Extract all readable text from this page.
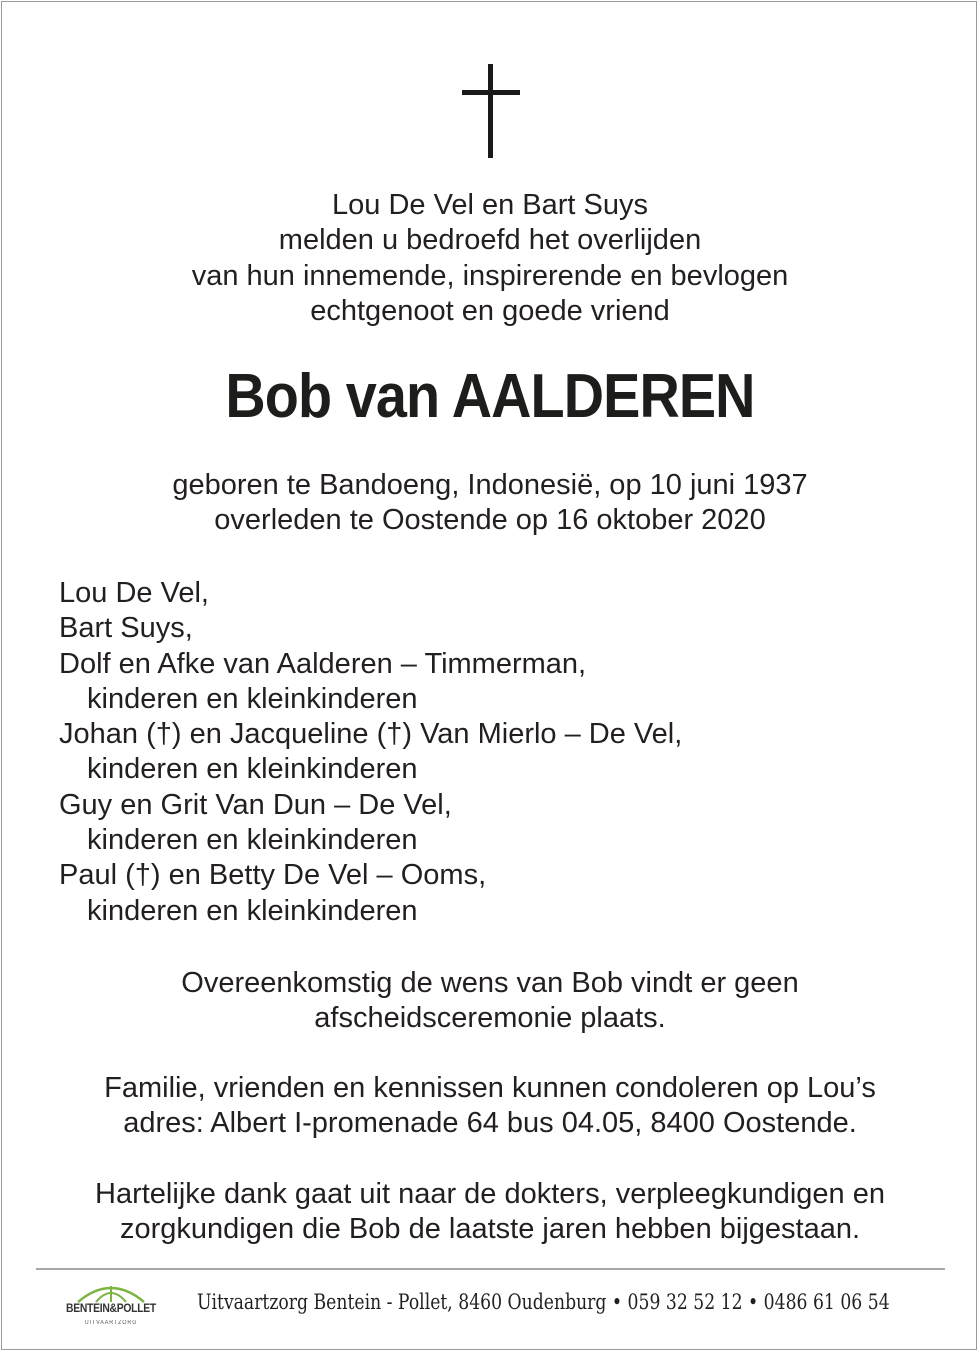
Lou De Vel en Bart Suys
melden u bedroefd het overlijden
van hun innemende, inspirerende en bevlogen
echtgenoot en goede vriend
Bob van AALDEREN
geboren te Bandoeng, Indonesië, op 10 juni 1937
overleden te Oostende op 16 oktober 2020
Lou De Vel,
Bart Suys,
Dolf en Afke van Aalderen – Timmerman,
kinderen en kleinkinderen
Johan (†) en Jacqueline (†) Van Mierlo – De Vel,
kinderen en kleinkinderen
Guy en Grit Van Dun – De Vel,
kinderen en kleinkinderen
Paul (†) en Betty De Vel – Ooms,
kinderen en kleinkinderen
Overeenkomstig de wens van Bob vindt er geen
afscheidsceremonie plaats.
Familie, vrienden en kennissen kunnen condoleren op Lou’s
adres: Albert I-promenade 64 bus 04.05, 8400 Oostende.
Hartelijke dank gaat uit naar de dokters, verpleegkundigen en
zorgkundigen die Bob de laatste jaren hebben bijgestaan.
BENTEIN&POLLET
UITVAARTZORG
Uitvaartzorg Bentein - Pollet, 8460 Oudenburg • 059 32 52 12 • 0486 61 06 54
